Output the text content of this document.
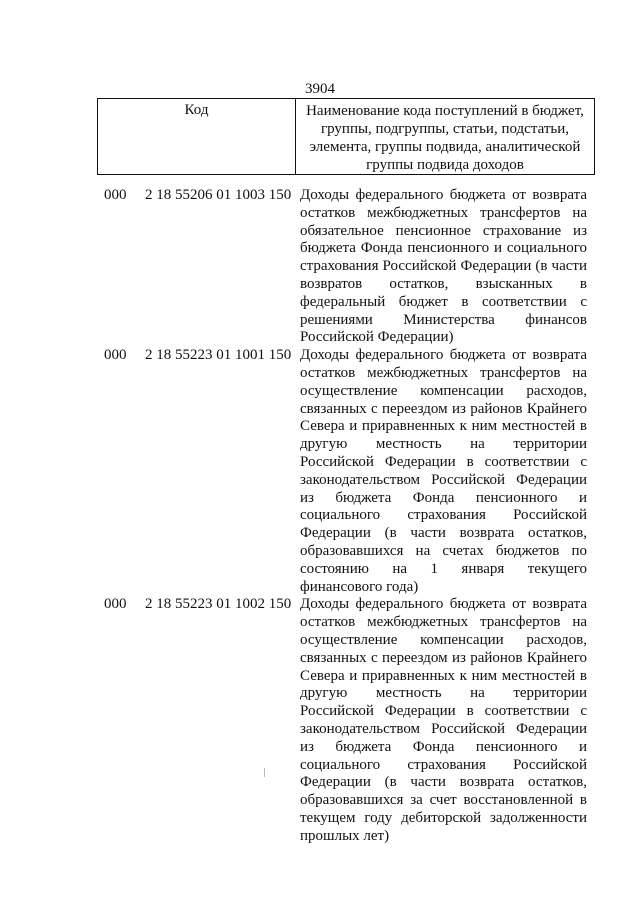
3904
Код	Наименование кода поступлений в бюджет, группы, подгруппы, статьи, подстатьи, элемента, группы подвида, аналитической группы подвида доходов
000 2 18 55206 01 1003 150 Доходы федерального бюджета от возврата остатков межбюджетных трансфертов на обязательное пенсионное страхование из бюджета Фонда пенсионного и социального страхования Российской Федерации (в части возвратов остатков, взысканных в федеральный бюджет в соответствии с решениями Министерства финансов Российской Федерации)
000 2 18 55223 01 1001 150 Доходы федерального бюджета от возврата остатков межбюджетных трансфертов на осуществление компенсации расходов, связанных с переездом из районов Крайнего Севера и приравненных к ним местностей в другую местность на территории Российской Федерации в соответствии с законодательством Российской Федерации из бюджета Фонда пенсионного и социального страхования Российской Федерации (в части возврата остатков, образовавшихся на счетах бюджетов по состоянию на 1 января текущего финансового года)
000 2 18 55223 01 1002 150 Доходы федерального бюджета от возврата остатков межбюджетных трансфертов на осуществление компенсации расходов, связанных с переездом из районов Крайнего Севера и приравненных к ним местностей в другую местность на территории Российской Федерации в соответствии с законодательством Российской Федерации из бюджета Фонда пенсионного и социального страхования Российской Федерации (в части возврата остатков, образовавшихся за счет восстановленной в текущем году дебиторской задолженности прошлых лет)
